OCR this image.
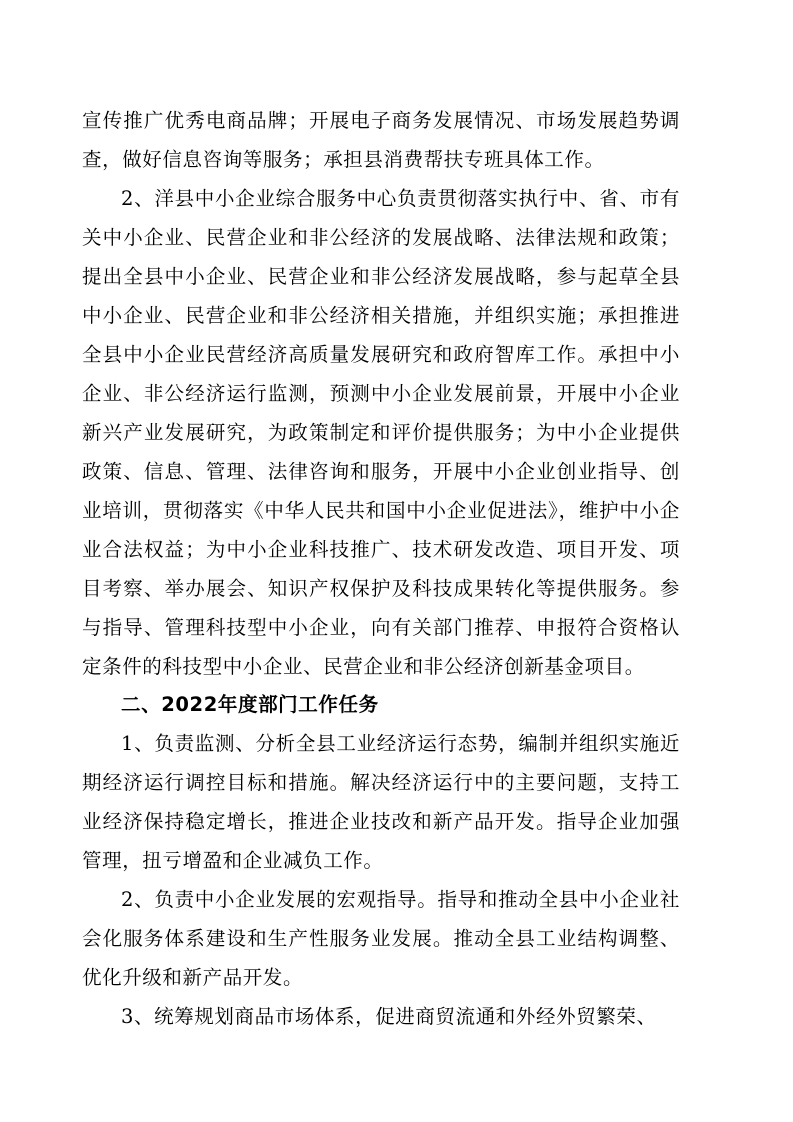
宣传推广优秀电商品牌；开展电子商务发展情况、市场发展趋势调查，做好信息咨询等服务；承担县消费帮扶专班具体工作。

2、洋县中小企业综合服务中心负责贯彻落实执行中、省、市有关中小企业、民营企业和非公经济的发展战略、法律法规和政策；提出全县中小企业、民营企业和非公经济发展战略，参与起草全县中小企业、民营企业和非公经济相关措施，并组织实施；承担推进全县中小企业民营经济高质量发展研究和政府智库工作。承担中小企业、非公经济运行监测，预测中小企业发展前景，开展中小企业新兴产业发展研究，为政策制定和评价提供服务；为中小企业提供政策、信息、管理、法律咨询和服务，开展中小企业创业指导、创业培训，贯彻落实《中华人民共和国中小企业促进法》，维护中小企业合法权益；为中小企业科技推广、技术研发改造、项目开发、项目考察、举办展会、知识产权保护及科技成果转化等提供服务。参与指导、管理科技型中小企业，向有关部门推荐、申报符合资格认定条件的科技型中小企业、民营企业和非公经济创新基金项目。

二、2022年度部门工作任务

1、负责监测、分析全县工业经济运行态势，编制并组织实施近期经济运行调控目标和措施。解决经济运行中的主要问题，支持工业经济保持稳定增长，推进企业技改和新产品开发。指导企业加强管理，扭亏增盈和企业减负工作。

2、负责中小企业发展的宏观指导。指导和推动全县中小企业社会化服务体系建设和生产性服务业发展。推动全县工业结构调整、优化升级和新产品开发。

3、统筹规划商品市场体系，促进商贸流通和外经外贸繁荣、
